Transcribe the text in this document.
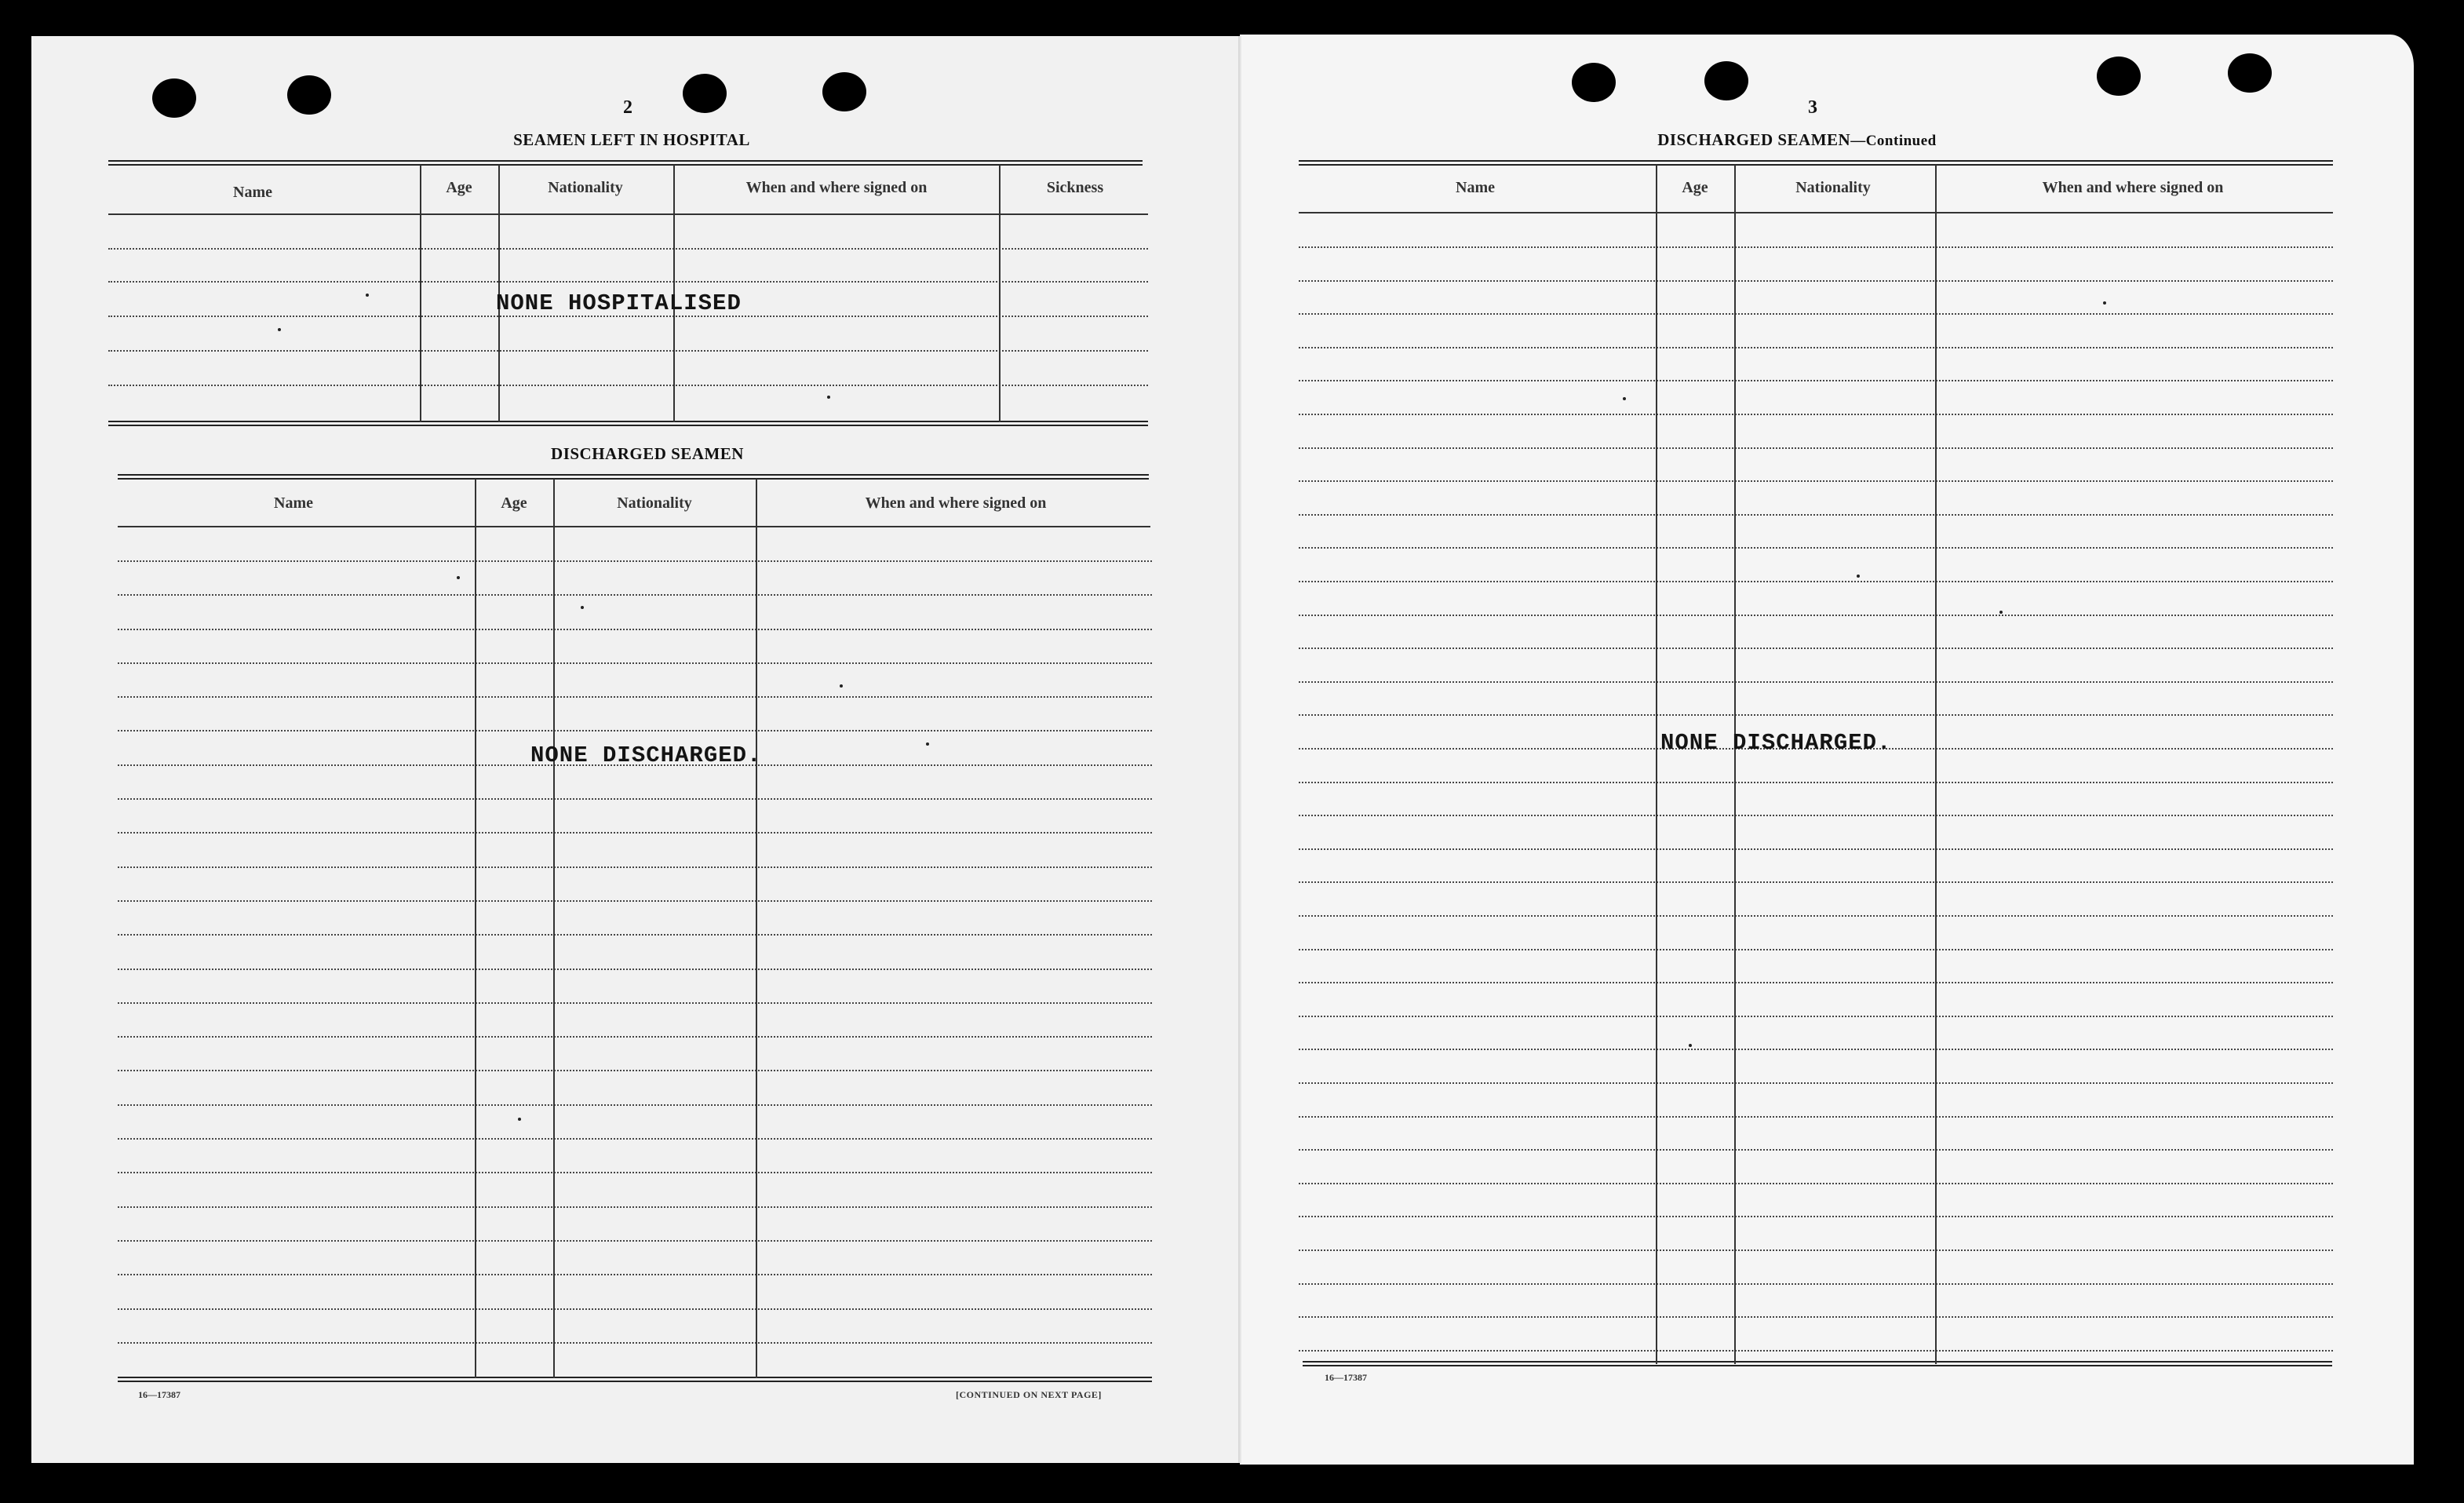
2
SEAMEN LEFT IN HOSPITAL
Name	Age	Nationality	When and where signed on	Sickness
NONE HOSPITALISED
DISCHARGED SEAMEN
Name	Age	Nationality	When and where signed on
NONE DISCHARGED.
16—17387	[CONTINUED ON NEXT PAGE]
3
DISCHARGED SEAMEN—Continued
Name	Age	Nationality	When and where signed on
NONE DISCHARGED.
16—17387
